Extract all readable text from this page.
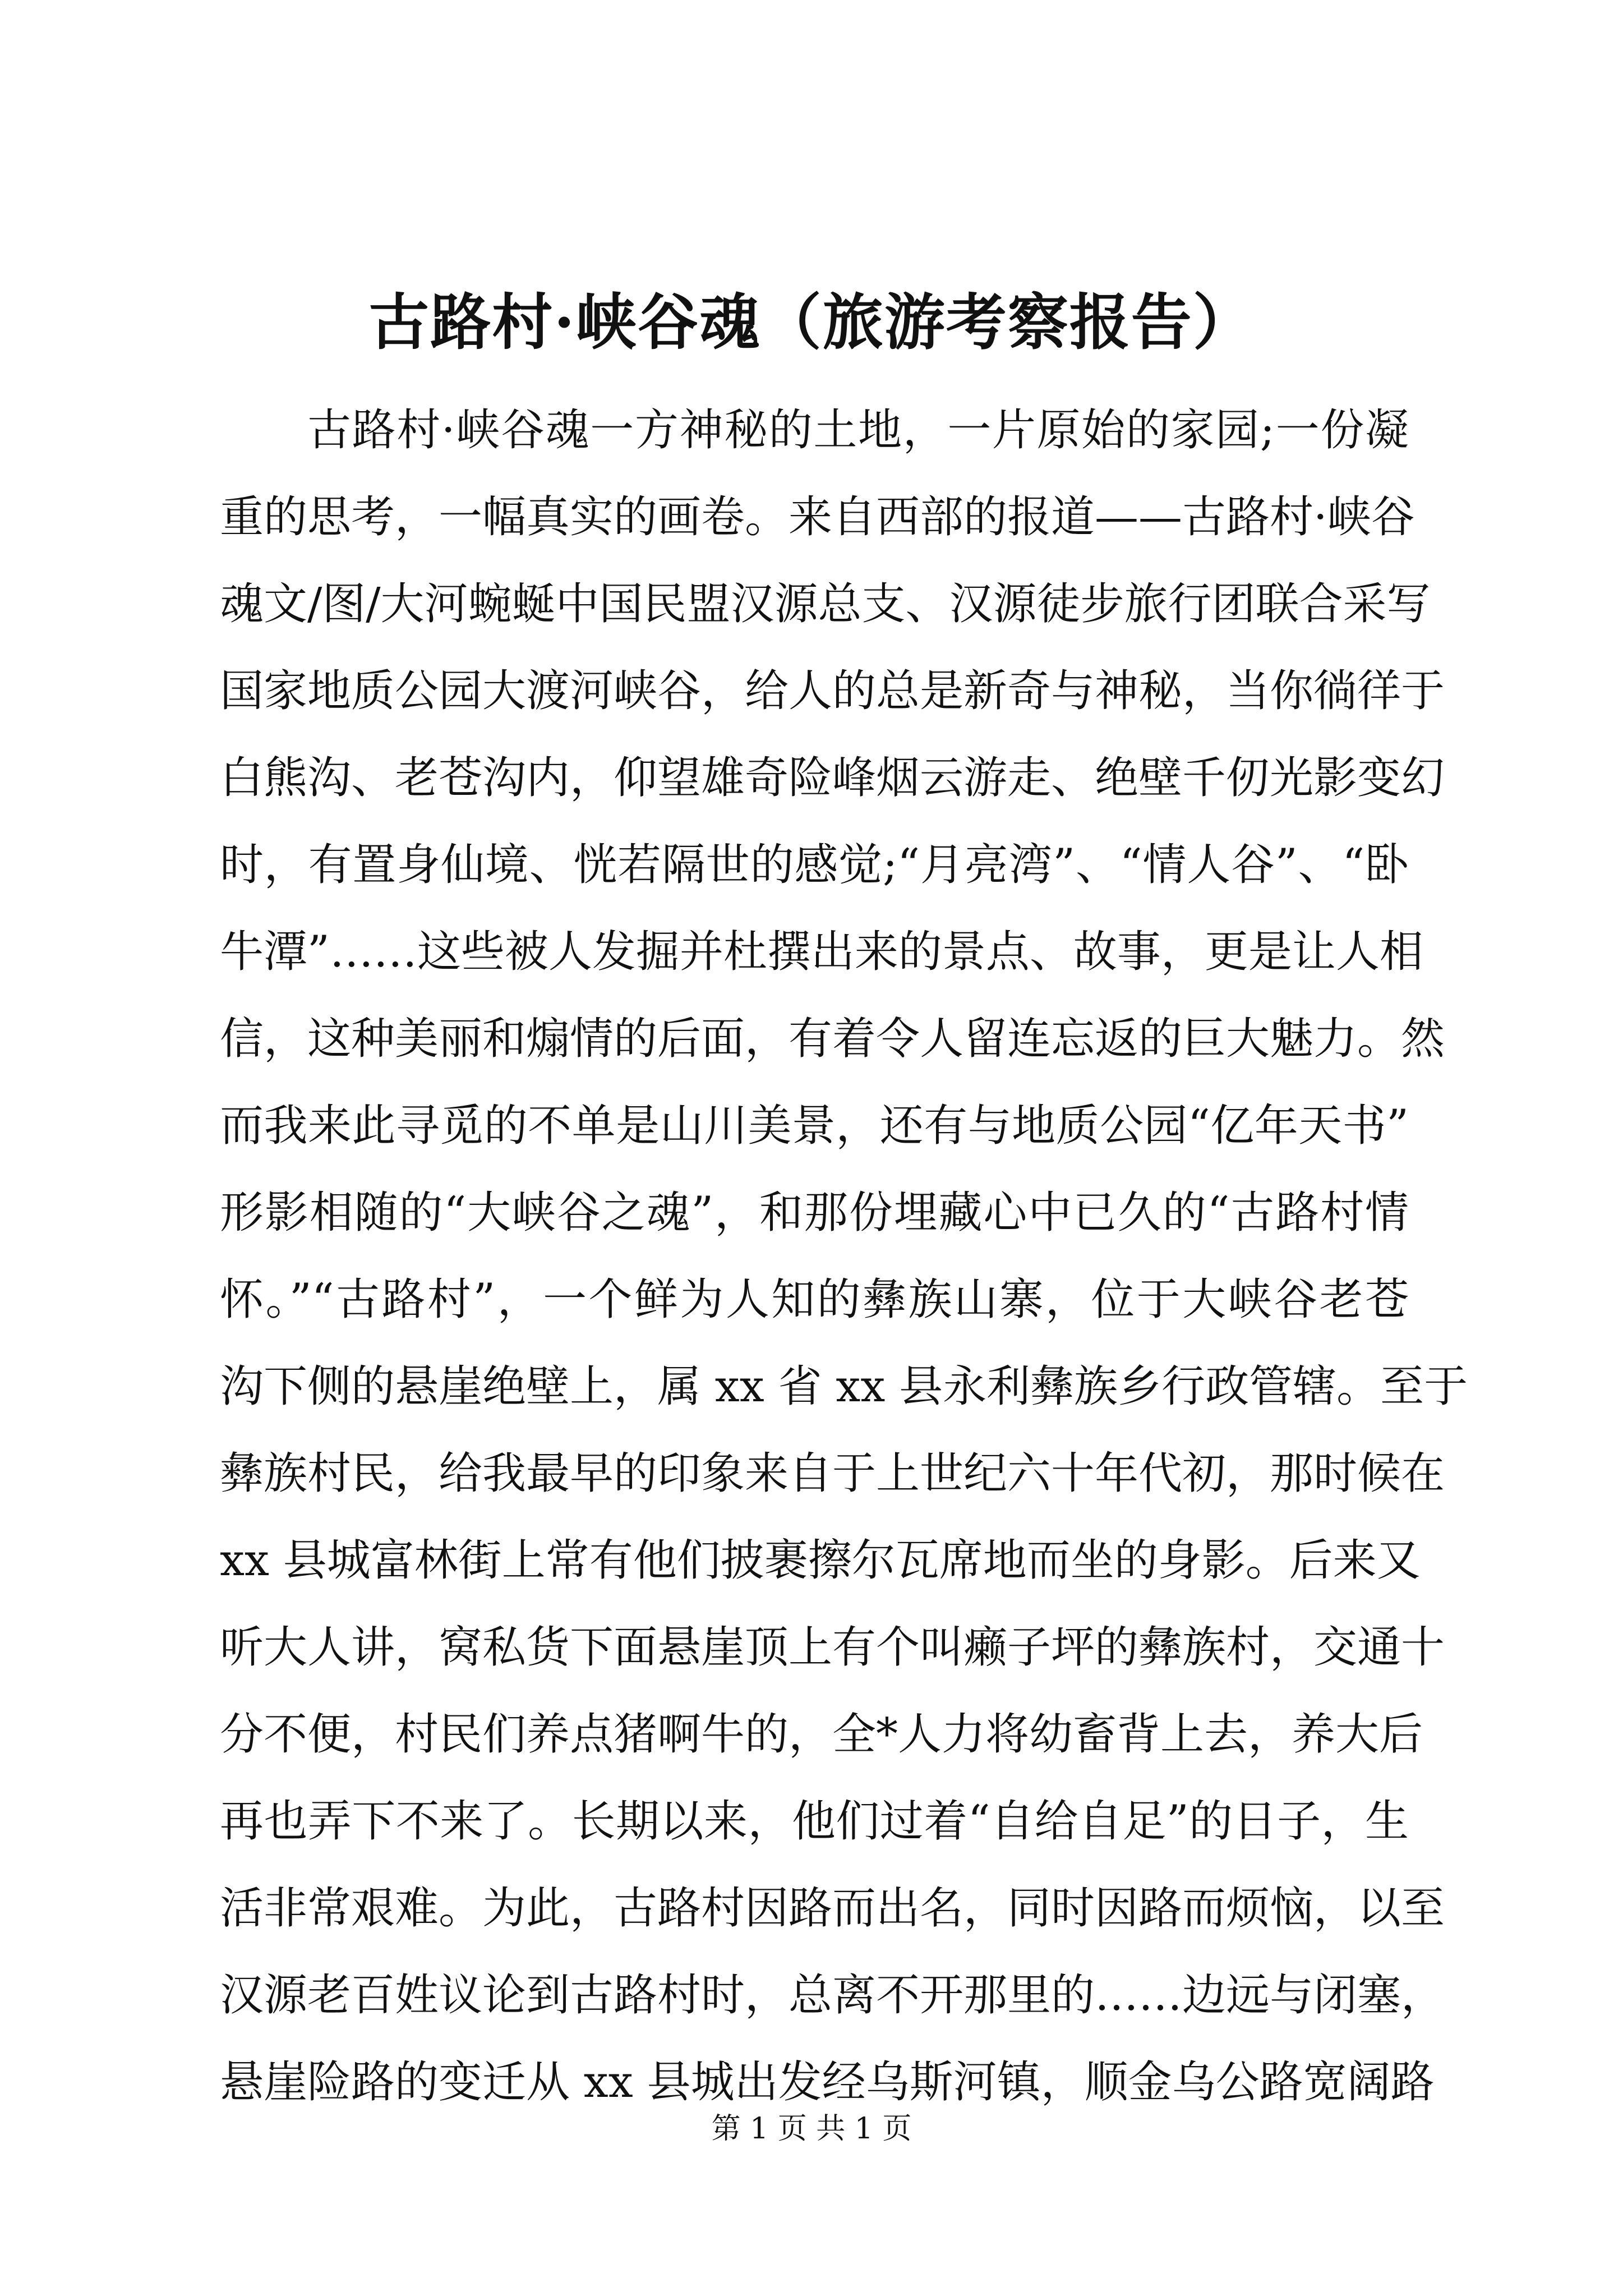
古路村·峡谷魂（旅游考察报告）
古路村·峡谷魂一方神秘的土地，一片原始的家园;一份凝
重的思考，一幅真实的画卷。来自西部的报道——古路村·峡谷
魂文/图/大河蜿蜒中国民盟汉源总支、汉源徒步旅行团联合采写
国家地质公园大渡河峡谷，给人的总是新奇与神秘，当你徜徉于
白熊沟、老苍沟内，仰望雄奇险峰烟云游走、绝壁千仞光影变幻
时，有置身仙境、恍若隔世的感觉;“月亮湾”、“情人谷”、“卧
牛潭”……这些被人发掘并杜撰出来的景点、故事，更是让人相
信，这种美丽和煽情的后面，有着令人留连忘返的巨大魅力。然
而我来此寻觅的不单是山川美景，还有与地质公园“亿年天书”
形影相随的“大峡谷之魂”，和那份埋藏心中已久的“古路村情
怀。”“古路村”，一个鲜为人知的彝族山寨，位于大峡谷老苍
沟下侧的悬崖绝壁上，属 xx 省 xx 县永利彝族乡行政管辖。至于
彝族村民，给我最早的印象来自于上世纪六十年代初，那时候在
xx 县城富林街上常有他们披裹擦尔瓦席地而坐的身影。后来又
听大人讲，窝私货下面悬崖顶上有个叫癞子坪的彝族村，交通十
分不便，村民们养点猪啊牛的，全*人力将幼畜背上去，养大后
再也弄下不来了。长期以来，他们过着“自给自足”的日子，生
活非常艰难。为此，古路村因路而出名，同时因路而烦恼，以至
汉源老百姓议论到古路村时，总离不开那里的……边远与闭塞，
悬崖险路的变迁从 xx 县城出发经乌斯河镇，顺金乌公路宽阔路
第 1 页 共 1 页
